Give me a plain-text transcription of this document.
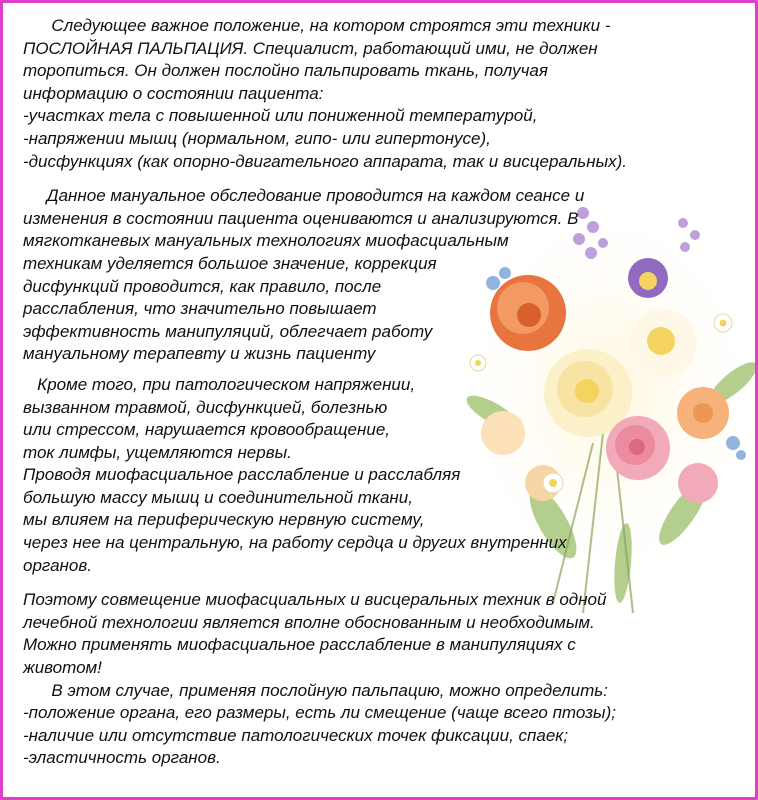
Следующее важное положение, на котором строятся эти техники -
ПОСЛОЙНАЯ ПАЛЬПАЦИЯ. Специалист, работающий ими, не должен
торопиться. Он должен послойно пальпировать ткань, получая
информацию о состоянии пациента:
-участках тела с повышенной или пониженной температурой,
-напряжении мышц (нормальном, гипо- или гипертонусе),
-дисфункциях (как опорно-двигательного аппарата, так и висцеральных).
Данное мануальное обследование проводится на каждом сеансе и
изменения в состоянии пациента оцениваются и анализируются. В
мягкотканевых мануальных технологиях миофасциальным
техникам уделяется большое значение, коррекция
дисфункций проводится, как правило, после
расслабления, что значительно повышает
эффективность манипуляций, облегчает работу
мануальному терапевту и жизнь пациенту
Кроме того, при патологическом напряжении,
вызванном травмой, дисфункцией, болезнью
или стрессом, нарушается кровообращение,
ток лимфы, ущемляются нервы.
Проводя миофасциальное расслабление и расслабляя
большую массу мышц и соединительной ткани,
мы влияем на периферическую нервную систему,
через нее на центральную, на работу сердца и других внутренних
органов.
Поэтому совмещение миофасциальных и висцеральных техник в одной
лечебной технологии является вполне обоснованным и необходимым.
Можно применять миофасциальное расслабление в манипуляциях с
животом!
В этом случае, применяя послойную пальпацию, можно определить:
-положение органа, его размеры, есть ли смещение (чаще всего птозы);
-наличие или отсутствие патологических точек фиксации, спаек;
-эластичность органов.
